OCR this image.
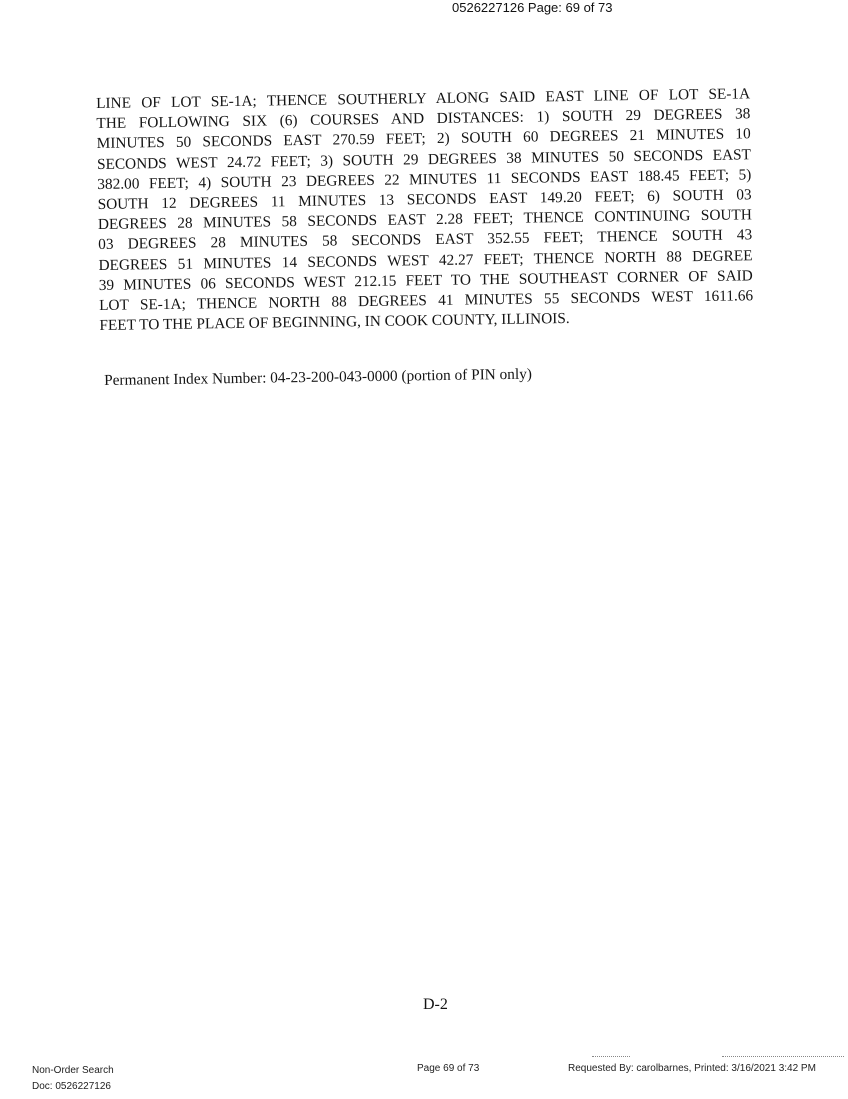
0526227126 Page: 69 of 73
LINE OF LOT SE-1A; THENCE SOUTHERLY ALONG SAID EAST LINE OF LOT SE-1A
THE FOLLOWING SIX (6) COURSES AND DISTANCES: 1) SOUTH 29 DEGREES 38
MINUTES 50 SECONDS EAST 270.59 FEET; 2) SOUTH 60 DEGREES 21 MINUTES 10
SECONDS WEST 24.72 FEET; 3) SOUTH 29 DEGREES 38 MINUTES 50 SECONDS EAST
382.00 FEET; 4) SOUTH 23 DEGREES 22 MINUTES 11 SECONDS EAST 188.45 FEET; 5)
SOUTH 12 DEGREES 11 MINUTES 13 SECONDS EAST 149.20 FEET; 6) SOUTH 03
DEGREES 28 MINUTES 58 SECONDS EAST 2.28 FEET; THENCE CONTINUING SOUTH
03 DEGREES 28 MINUTES 58 SECONDS EAST 352.55 FEET; THENCE SOUTH 43
DEGREES 51 MINUTES 14 SECONDS WEST 42.27 FEET; THENCE NORTH 88 DEGREE
39 MINUTES 06 SECONDS WEST 212.15 FEET TO THE SOUTHEAST CORNER OF SAID
LOT SE-1A; THENCE NORTH 88 DEGREES 41 MINUTES 55 SECONDS WEST 1611.66
FEET TO THE PLACE OF BEGINNING, IN COOK COUNTY, ILLINOIS.
Permanent Index Number: 04-23-200-043-0000 (portion of PIN only)
D-2
Non-Order Search
Doc: 0526227126
Page 69 of 73	Requested By: carolbarnes, Printed: 3/16/2021 3:42 PM
